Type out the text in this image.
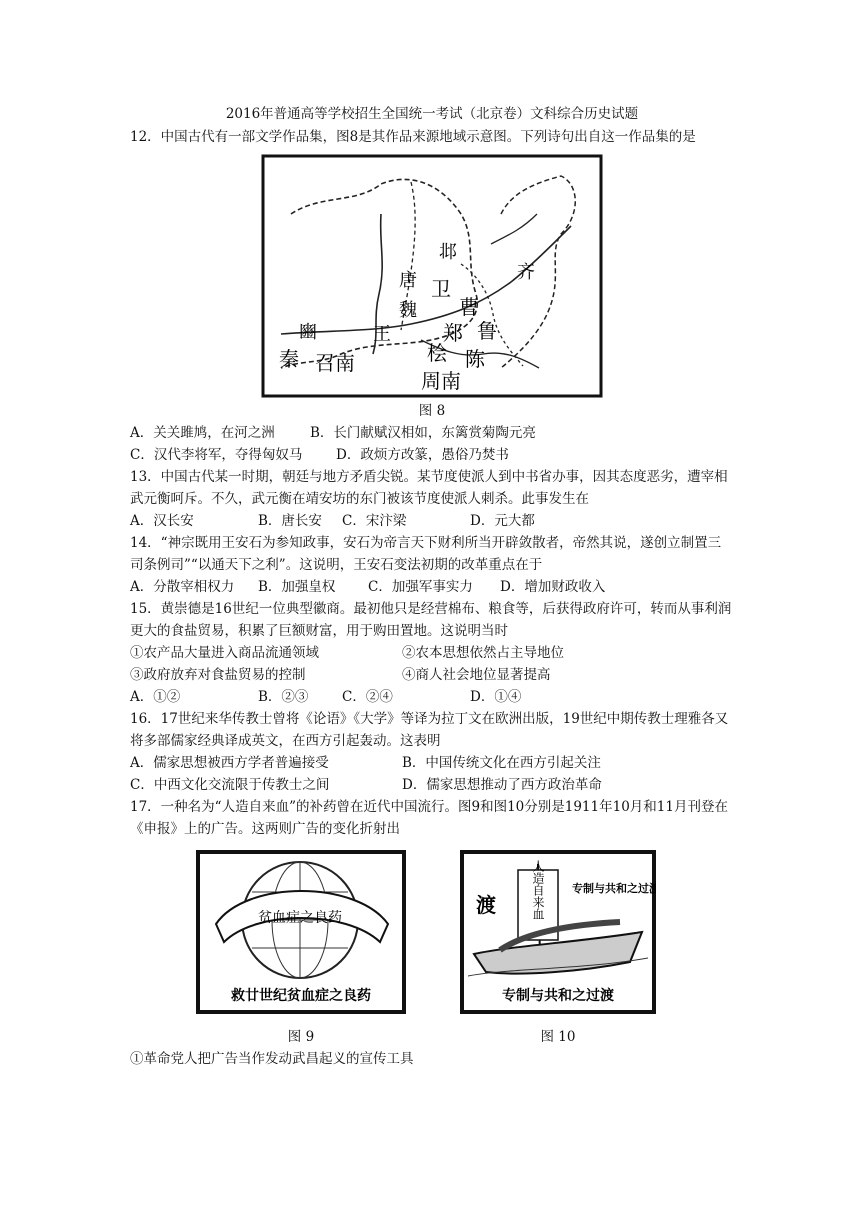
2016年普通高等学校招生全国统一考试（北京卷）文科综合历史试题

12．中国古代有一部文学作品集，图8是其作品来源地域示意图。下列诗句出自这一作品集的是

邶
唐 卫
齐
魏 曹
鲁
豳	王	郑
秦 召南	桧 陈
周南
图 8
A．关关雎鸠，在河之洲	B．长门献赋汉相如，东篱赏菊陶元亮
C．汉代李将军，夺得匈奴马	D．政烦方改篆，愚俗乃焚书

13．中国古代某一时期，朝廷与地方矛盾尖锐。某节度使派人到中书省办事，因其态度恶劣，遭宰相武元衡呵斥。不久，武元衡在靖安坊的东门被该节度使派人刺杀。此事发生在

A．汉长安	B．唐长安	C．宋汴梁	D．元大都

14．“神宗既用王安石为参知政事，安石为帝言天下财利所当开辟敛散者，帝然其说，遂创立制置三司条例司”“以通天下之利”。这说明，王安石变法初期的改革重点在于

A．分散宰相权力	B．加强皇权	C．加强军事实力	D．增加财政收入

15．黄崇德是16世纪一位典型徽商。最初他只是经营棉布、粮食等，后获得政府许可，转而从事利润更大的食盐贸易，积累了巨额财富，用于购田置地。这说明当时

①农产品大量进入商品流通领域	②农本思想依然占主导地位
③政府放弃对食盐贸易的控制	④商人社会地位显著提高
A．①②	B．②③	C．②④	D．①④

16．17世纪来华传教士曾将《论语》《大学》等译为拉丁文在欧洲出版，19世纪中期传教士理雅各又将多部儒家经典译成英文，在西方引起轰动。这表明

A．儒家思想被西方学者普遍接受	B．中国传统文化在西方引起关注
C．中西文化交流限于传教士之间	D．儒家思想推动了西方政治革命

17．一种名为“人造自来血”的补药曾在近代中国流行。图9和图10分别是1911年10月和11月刊登在《申报》上的广告。这两则广告的变化折射出

贫血症之良药
救廿世纪贫血症之良药
图 9
人造自来血 专制与共和之过渡
渡
专制与共和之过渡
图 10

①革命党人把广告当作发动武昌起义的宣传工具
